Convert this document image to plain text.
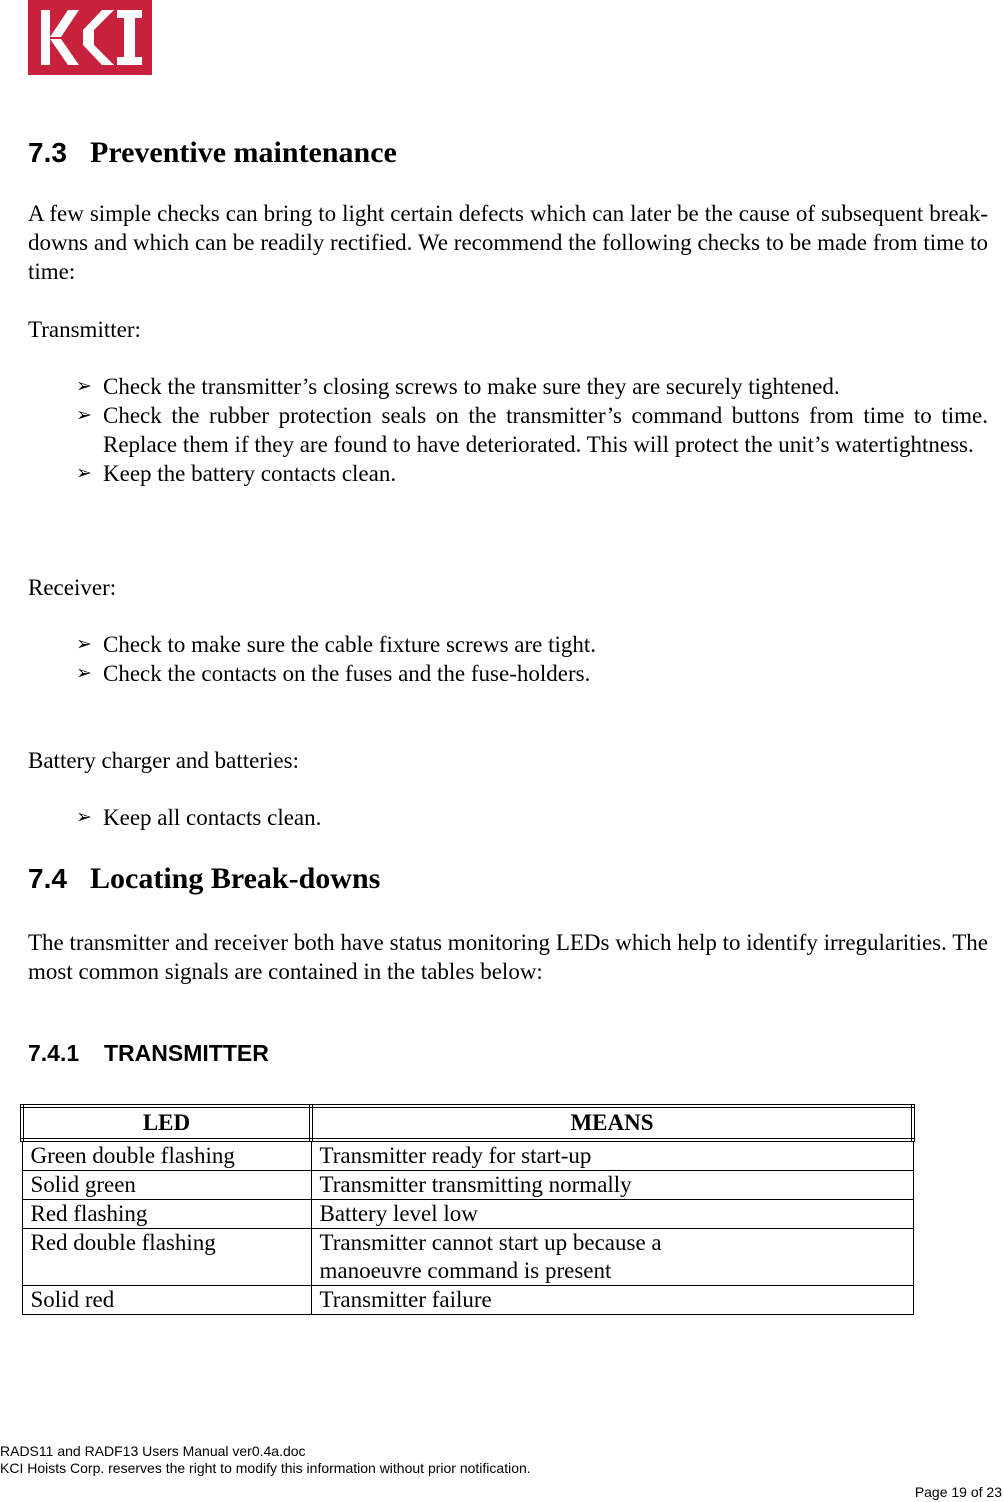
7.3 Preventive maintenance

A few simple checks can bring to light certain defects which can later be the cause of subsequent break-downs and which can be readily rectified. We recommend the following checks to be made from time to time:

Transmitter:

➢ Check the transmitter’s closing screws to make sure they are securely tightened.
➢ Check the rubber protection seals on the transmitter’s command buttons from time to time. Replace them if they are found to have deteriorated. This will protect the unit’s watertightness.
➢ Keep the battery contacts clean.

Receiver:

➢ Check to make sure the cable fixture screws are tight.
➢ Check the contacts on the fuses and the fuse-holders.

Battery charger and batteries:

➢ Keep all contacts clean.
7.4 Locating Break-downs

The transmitter and receiver both have status monitoring LEDs which help to identify irregularities. The most common signals are contained in the tables below:

7.4.1 TRANSMITTER
LED	MEANS
Green double flashing	Transmitter ready for start-up
Solid green	Transmitter transmitting normally
Red flashing	Battery level low
Red double flashing	Transmitter cannot start up because a manoeuvre command is present
Solid red	Transmitter failure
RADS11 and RADF13 Users Manual ver0.4a.doc
KCI Hoists Corp. reserves the right to modify this information without prior notification.
Page 19 of 23
